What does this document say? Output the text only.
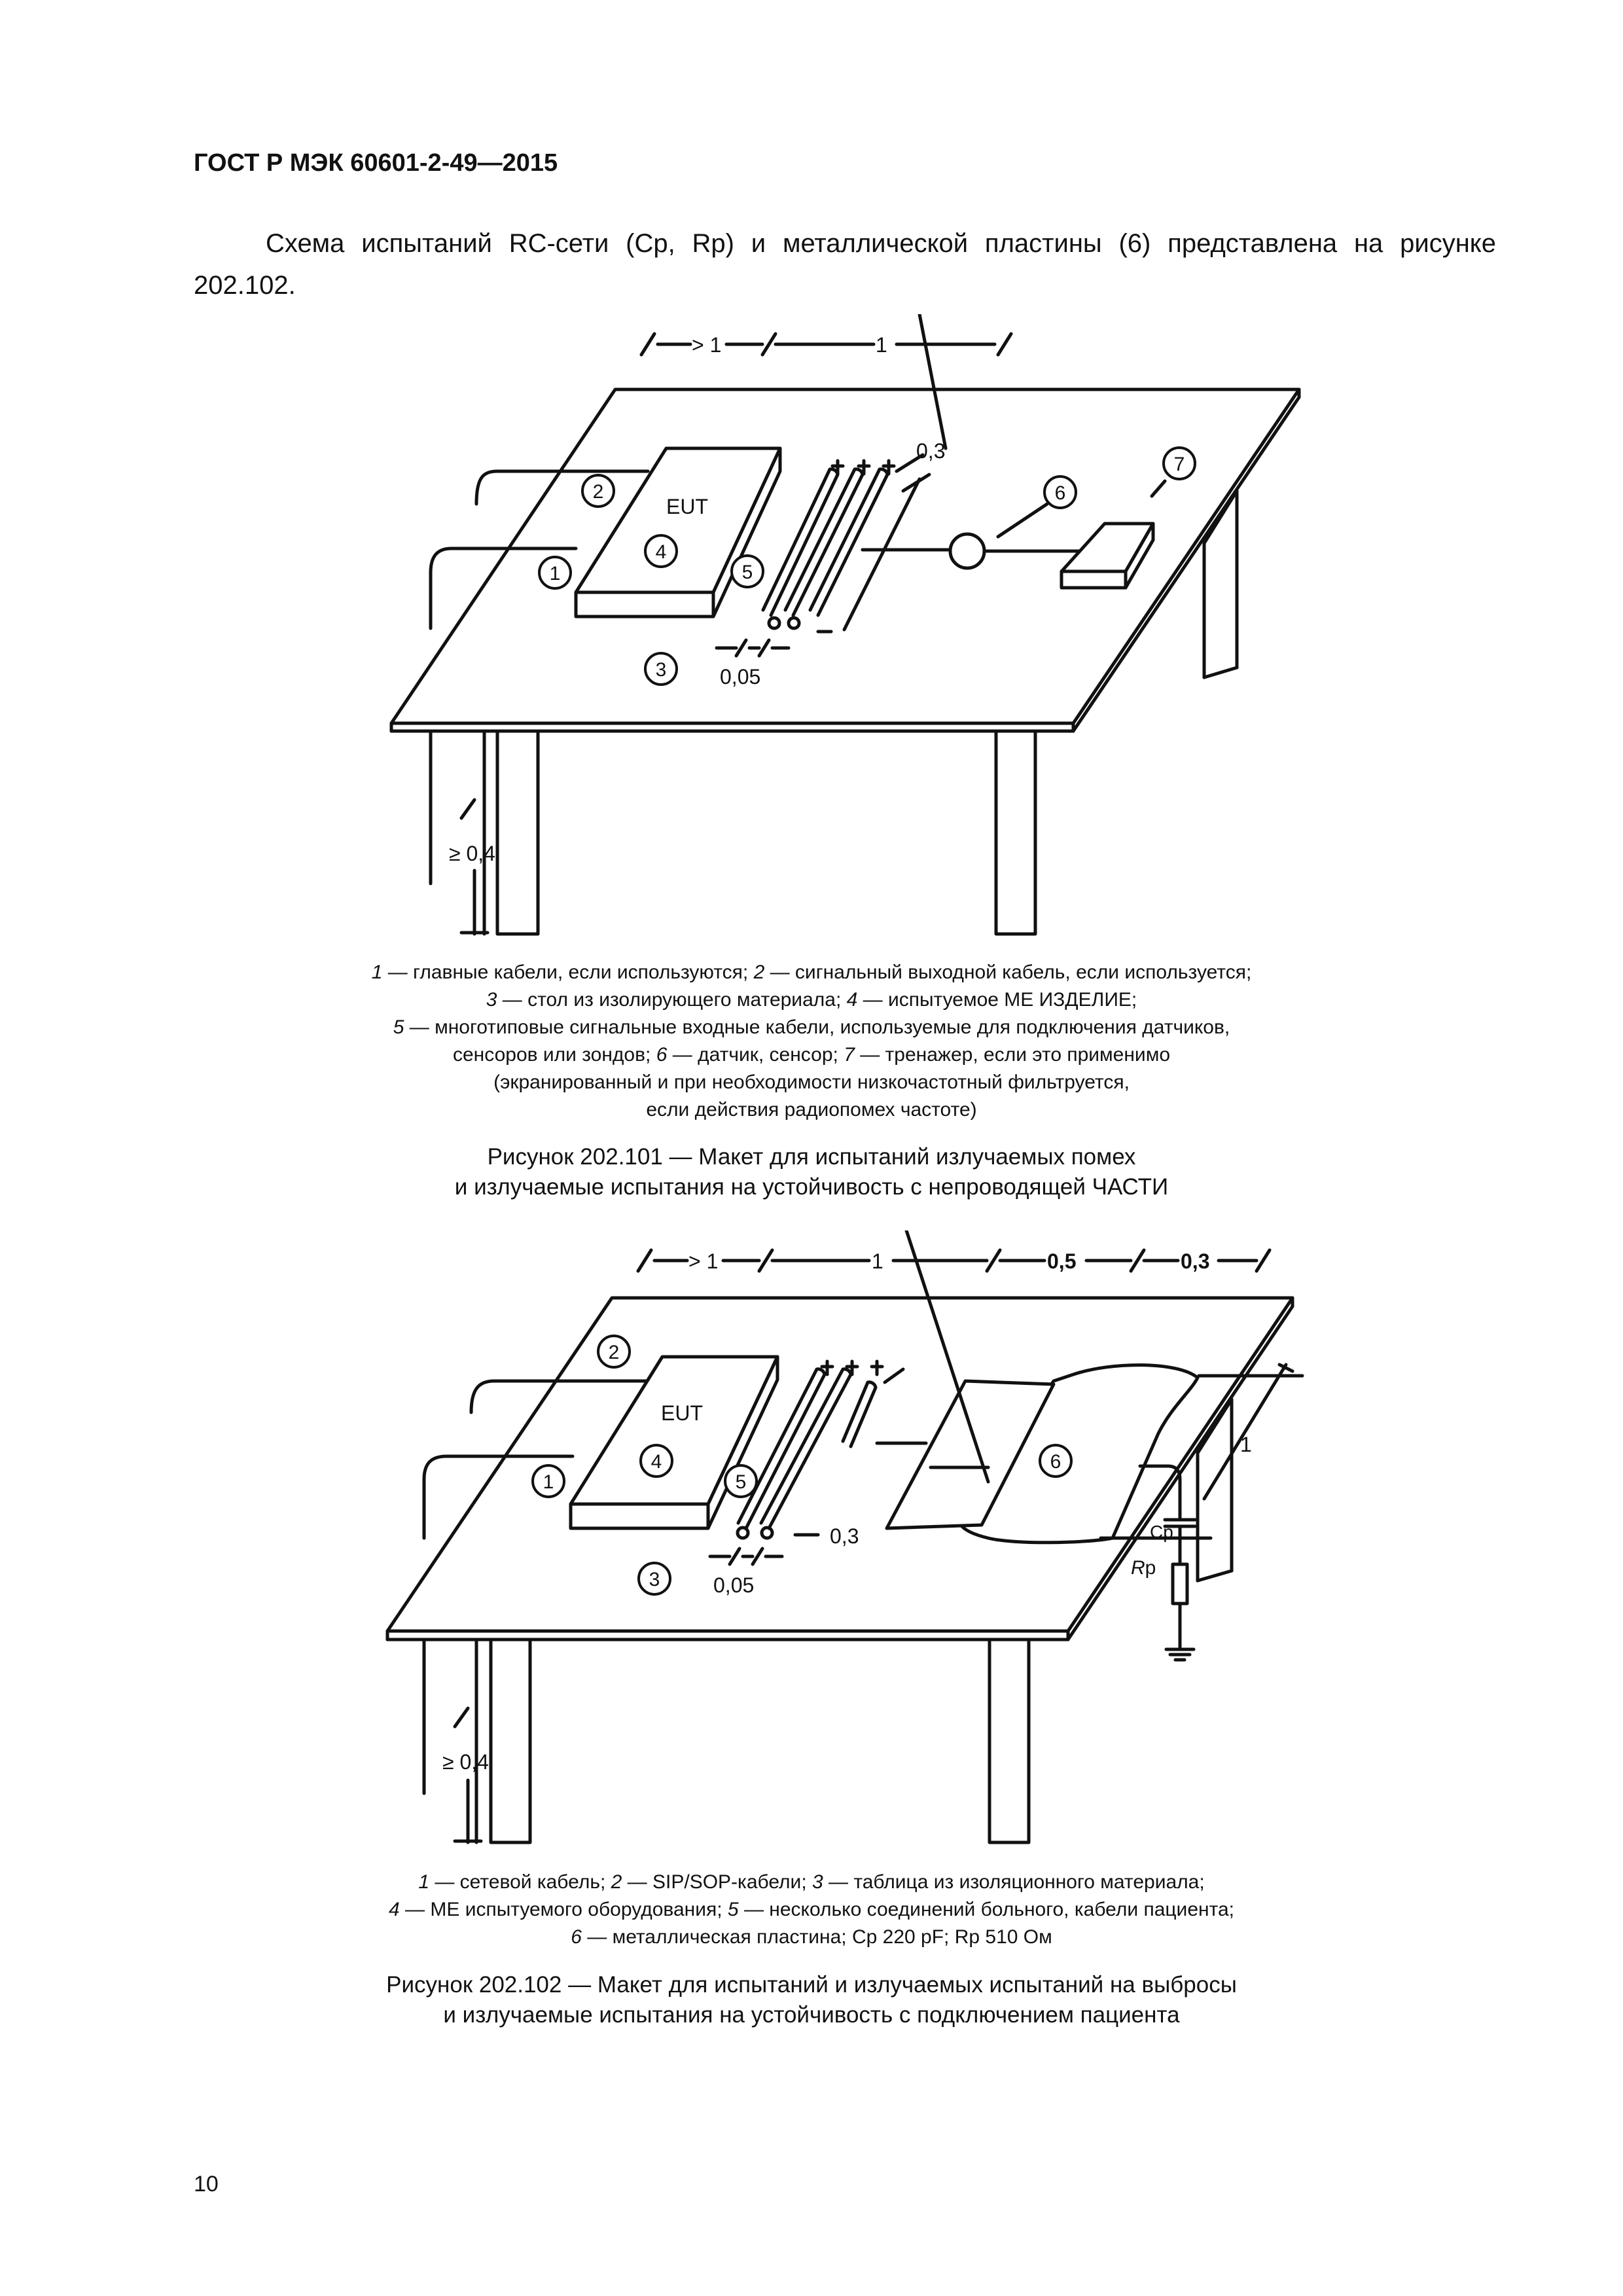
ГОСТ Р МЭК 60601-2-49—2015
Схема испытаний RC-сети (Cp, Rp) и металлической пластины (6) представлена на рисунке 202.102.
> 1	1
≥ 0,4
EUT
0,3
0,05
2
1
4
5
3
6
7
1 — главные кабели, если используются; 2 — сигнальный выходной кабель, если используется;
3 — стол из изолирующего материала; 4 — испытуемое МЕ ИЗДЕЛИЕ;
5 — многотиповые сигнальные входные кабели, используемые для подключения датчиков,
сенсоров или зондов; 6 — датчик, сенсор; 7 — тренажер, если это применимо
(экранированный и при необходимости низкочастотный фильтруется,
если действия радиопомех частоте)
Рисунок 202.101 — Макет для испытаний излучаемых помех
и излучаемые испытания на устойчивость с непроводящей ЧАСТИ
> 1	1	0,5	0,3
≥ 0,4
EUT
0,3
0,05
1
Cp
Rp
2
1
4
5
3
6
1 — сетевой кабель; 2 — SIP/SOP-кабели; 3 — таблица из изоляционного материала;
4 — МЕ испытуемого оборудования; 5 — несколько соединений больного, кабели пациента;
6 — металлическая пластина; Cp 220 pF; Rp 510 Ом
Рисунок 202.102 — Макет для испытаний и излучаемых испытаний на выбросы
и излучаемые испытания на устойчивость с подключением пациента
10
